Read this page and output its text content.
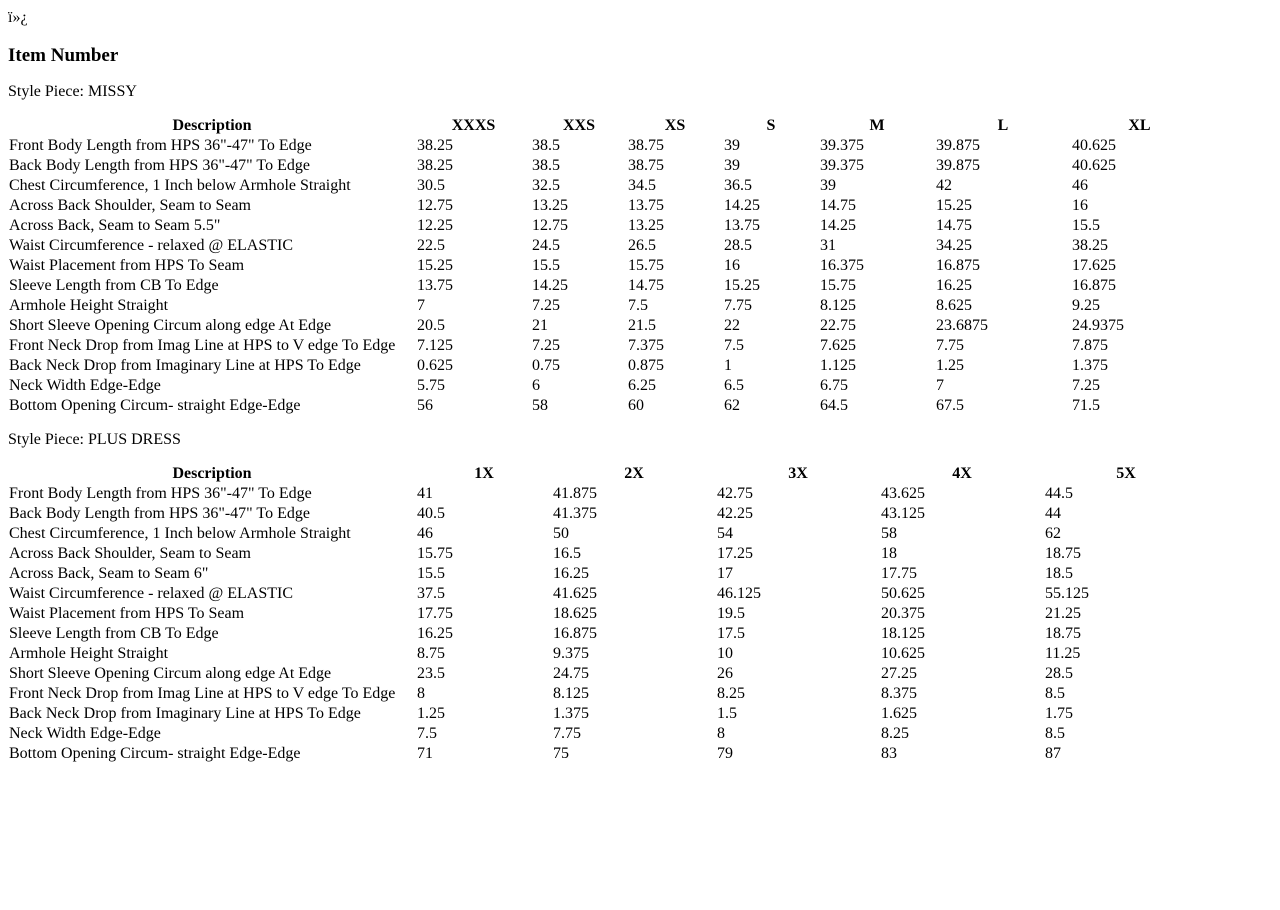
ï»¿
Item Number
Style Piece: MISSY
Description	XXXS	XXS	XS	S	M	L	XL
Front Body Length from HPS 36"-47" To Edge	38.25	38.5	38.75	39	39.375	39.875	40.625
Back Body Length from HPS 36"-47" To Edge	38.25	38.5	38.75	39	39.375	39.875	40.625
Chest Circumference, 1 Inch below Armhole Straight	30.5	32.5	34.5	36.5	39	42	46
Across Back Shoulder, Seam to Seam	12.75	13.25	13.75	14.25	14.75	15.25	16
Across Back, Seam to Seam 5.5"	12.25	12.75	13.25	13.75	14.25	14.75	15.5
Waist Circumference - relaxed @ ELASTIC	22.5	24.5	26.5	28.5	31	34.25	38.25
Waist Placement from HPS To Seam	15.25	15.5	15.75	16	16.375	16.875	17.625
Sleeve Length from CB To Edge	13.75	14.25	14.75	15.25	15.75	16.25	16.875
Armhole Height Straight	7	7.25	7.5	7.75	8.125	8.625	9.25
Short Sleeve Opening Circum along edge At Edge	20.5	21	21.5	22	22.75	23.6875	24.9375
Front Neck Drop from Imag Line at HPS to V edge To Edge	7.125	7.25	7.375	7.5	7.625	7.75	7.875
Back Neck Drop from Imaginary Line at HPS To Edge	0.625	0.75	0.875	1	1.125	1.25	1.375
Neck Width Edge-Edge	5.75	6	6.25	6.5	6.75	7	7.25
Bottom Opening Circum- straight Edge-Edge	56	58	60	62	64.5	67.5	71.5
Style Piece: PLUS DRESS
Description	1X	2X	3X	4X	5X
Front Body Length from HPS 36"-47" To Edge	41	41.875	42.75	43.625	44.5
Back Body Length from HPS 36"-47" To Edge	40.5	41.375	42.25	43.125	44
Chest Circumference, 1 Inch below Armhole Straight	46	50	54	58	62
Across Back Shoulder, Seam to Seam	15.75	16.5	17.25	18	18.75
Across Back, Seam to Seam 6"	15.5	16.25	17	17.75	18.5
Waist Circumference - relaxed @ ELASTIC	37.5	41.625	46.125	50.625	55.125
Waist Placement from HPS To Seam	17.75	18.625	19.5	20.375	21.25
Sleeve Length from CB To Edge	16.25	16.875	17.5	18.125	18.75
Armhole Height Straight	8.75	9.375	10	10.625	11.25
Short Sleeve Opening Circum along edge At Edge	23.5	24.75	26	27.25	28.5
Front Neck Drop from Imag Line at HPS to V edge To Edge	8	8.125	8.25	8.375	8.5
Back Neck Drop from Imaginary Line at HPS To Edge	1.25	1.375	1.5	1.625	1.75
Neck Width Edge-Edge	7.5	7.75	8	8.25	8.5
Bottom Opening Circum- straight Edge-Edge	71	75	79	83	87
